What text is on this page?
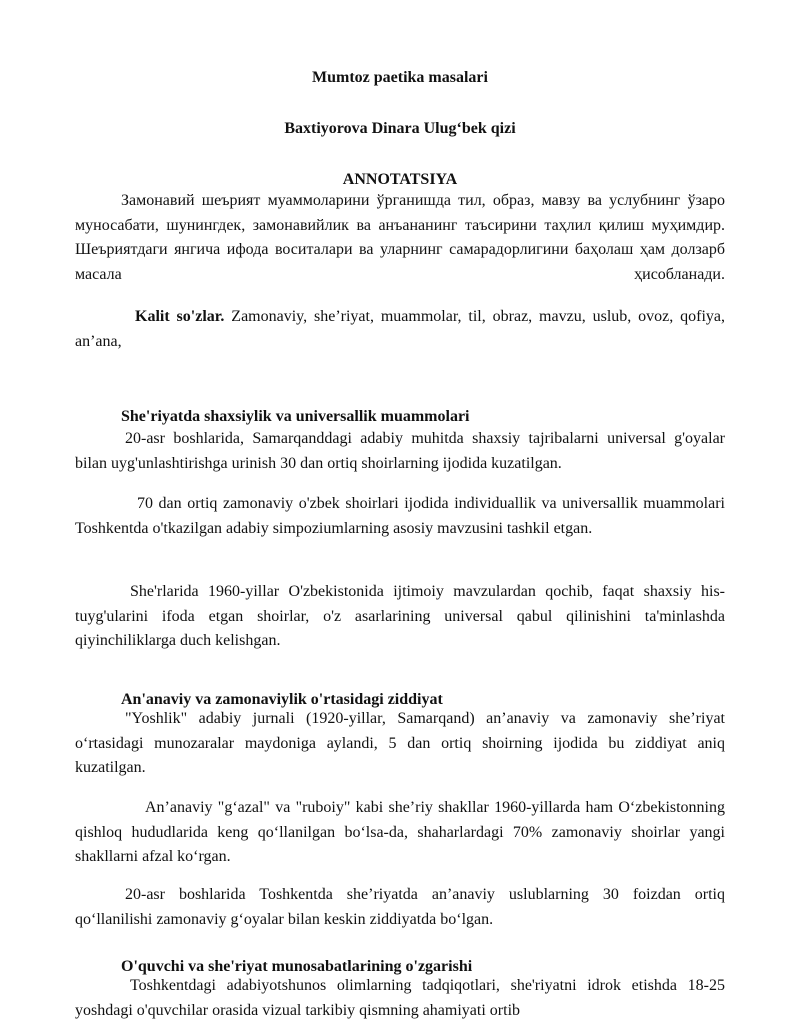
Mumtoz paetika masalari

Baxtiyorova Dinara Ulug‘bek qizi

ANNOTATSIYA

Замонавий шеърият муаммоларини ўрганишда тил, образ, мавзу ва услубнинг ўзаро муносабати, шунингдек, замонавийлик ва анъананинг таъсирини таҳлил қилиш муҳимдир. Шеъриятдаги янгича ифода воситалари ва уларнинг самарадорлигини баҳолаш ҳам долзарб масала ҳисобланади.

Kalit so'zlar. Zamonaviy, she’riyat, muammolar, til, obraz, mavzu, uslub, ovoz, qofiya, an’ana,

She'riyatda shaxsiylik va universallik muammolari

20-asr boshlarida, Samarqanddagi adabiy muhitda shaxsiy tajribalarni universal g'oyalar bilan uyg'unlashtirishga urinish 30 dan ortiq shoirlarning ijodida kuzatilgan.

70 dan ortiq zamonaviy o'zbek shoirlari ijodida individuallik va universallik muammolari Toshkentda o'tkazilgan adabiy simpoziumlarning asosiy mavzusini tashkil etgan.

She'rlarida 1960-yillar O'zbekistonida ijtimoiy mavzulardan qochib, faqat shaxsiy his-tuyg'ularini ifoda etgan shoirlar, o'z asarlarining universal qabul qilinishini ta'minlashda qiyinchiliklarga duch kelishgan.

An'anaviy va zamonaviylik o'rtasidagi ziddiyat

"Yoshlik" adabiy jurnali (1920-yillar, Samarqand) an’anaviy va zamonaviy she’riyat o‘rtasidagi munozaralar maydoniga aylandi, 5 dan ortiq shoirning ijodida bu ziddiyat aniq kuzatilgan.

An’anaviy "g‘azal" va "ruboiy" kabi she’riy shakllar 1960-yillarda ham O‘zbekistonning qishloq hududlarida keng qo‘llanilgan bo‘lsa-da, shaharlardagi 70% zamonaviy shoirlar yangi shakllarni afzal ko‘rgan.

20-asr boshlarida Toshkentda she’riyatda an’anaviy uslublarning 30 foizdan ortiq qo‘llanilishi zamonaviy g‘oyalar bilan keskin ziddiyatda bo‘lgan.

O'quvchi va she'riyat munosabatlarining o'zgarishi

Toshkentdagi adabiyotshunos olimlarning tadqiqotlari, she'riyatni idrok etishda 18-25 yoshdagi o'quvchilar orasida vizual tarkibiy qismning ahamiyati ortib
